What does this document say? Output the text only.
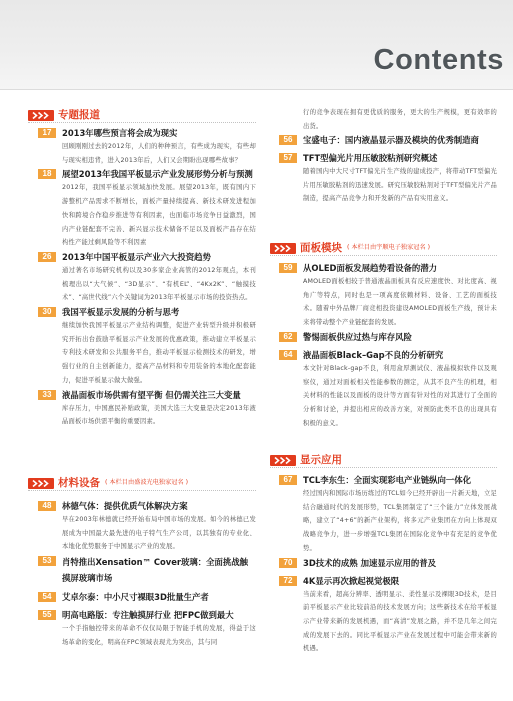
Contents
专题报道
17	2013年哪些预言将会成为现实

回顾刚刚过去的2012年，人们的种种预言，有些成为现实，有些却与现实相违背，进入2013年后，人们又会期盼出现哪些故事？

18	展望2013年我国平板显示产业发展形势分析与预测

2012年，我国平板显示领域加快发展。展望2013年，既有国内下游整机产品需求不断增长，面板产量持续提高、新技术研发进程加快和跨境合作稳步推进等有利因素，也面临市场竞争日益激烈，国内产业链配套不完善、新兴显示技术储备不足以及面板产品存在结构性产能过剩风险等不利因素

26	2013年中国平板显示产业六大投资趋势

通过著名市场研究机构以及30多家企业高管的2012年观点，本刊梳理出以“大气候”、“3D显示”、“有机EL”、“4Kx2K”、“触摸技术”、“高世代线”六个关键词为2013年平板显示市场的投资热点。

30	我国平板显示发展的分析与思考

继续加快我国平板显示产业结构调整，促进产业转型升级并积极研究开拓出台鼓励平板显示产业发展的优惠政策，推动建立平板显示专利技术研发和公共服务平台，推动平板显示检测技术的研发，增强行业的自主创新能力，提高产品材料和专用装备的本地化配套能力，促进平板显示做大做强。

33	液晶面板市场供需有望平衡 但仍需关注三大变量

库存压力，中国惠民补贴政策，美国大选三大变量是决定2013年液晶面板市场供需平衡的重要因素。

材料设备 ( 本栏目由盛波光电独家冠名 )
48	林德气体：提供优质气体解决方案

早在2003年林德就已经开始布局中国市场的发展。如今的林德已发展成为中国最大最先进的电子特气生产公司，以其独有的专业化、本地化优势服务于中国显示产业的发展。

53	肖特推出Xensation™ Cover玻璃：全面挑战触摸屏玻璃市场
54	艾卓尔泰：中小尺寸裸眼3D批量生产者
55	明高电路版：专注触摸屏行业 把FPC做到最大

一个手指触控带来的革命不仅仅局限于智能手机的发展，得益于这场革命的变化，明高在FPC领域表现尤为突出，其与同

行的竞争表现在拥有更优质的服务，更大的生产规模，更有效率的出货。

56	宝盛电子：国内液晶显示器及模块的优秀制造商
57	TFT型偏光片用压敏胶粘剂研究概述

随着国内中大尺寸TFT偏光片生产线的建成投产，将带动TFT型偏光片用压敏胶粘剂的迅速发展。研究压敏胶粘剂对于TFT型偏光片产品制造，提高产品竞争力和开发新的产品有实用意义。

面板模块 ( 本栏目由宇顺电子独家冠名 )
59	从OLED面板发展趋势看设备的潜力

AMOLED面板相较于普通液晶面板具有反应速度快、对比度高、视角广等特点，同时也是一项高度依赖材料、设备、工艺的面板技术。随着中外品牌厂商竞相投资建设AMOLED面板生产线，预计未来将带动整个产业链配套的发展。

62	警惕面板供应过热与库存风险
64	液晶面板Black–Gap不良的分析研究

本文针对Black-gap不良，利用盒厚测试仪、液晶模拟软件以及观察仪，通过对面板相关性能参数的测定，从其不良产生的机理，相关材料的性能以及面板的设计等方面有针对性的对其进行了全面的分析和讨论，并提出相应的改善方案，对预防此类不良的出现具有积极的意义。

显示应用
67	TCL李东生：全面实现彩电产业链纵向一体化

经过国内和国际市场历练过的TCL如今已经开辟出一片新天地，立足结合融通时代的发展形势，TCL集团制定了“三个能力”立体发展战略，建立了“4+6”的新产业架构，将多元产业集团在方向上体现双战略竞争力，进一步增强TCL集团在国际化竞争中有充足的竞争优势。

70	3D技术的成熟 加速显示应用的普及
72	4K显示再次掀起视觉极限

当前来看，超高分辨率、透明显示、柔性显示及裸眼3D技术，是目前平板显示产业比较前沿的技术发展方向；这些新技术在给平板显示产业带来新的发展机遇，而“高清”发展之路，并不是几年之间完成的发展下去的。同比平板显示产业在发展过程中可能会带来新的机遇。
